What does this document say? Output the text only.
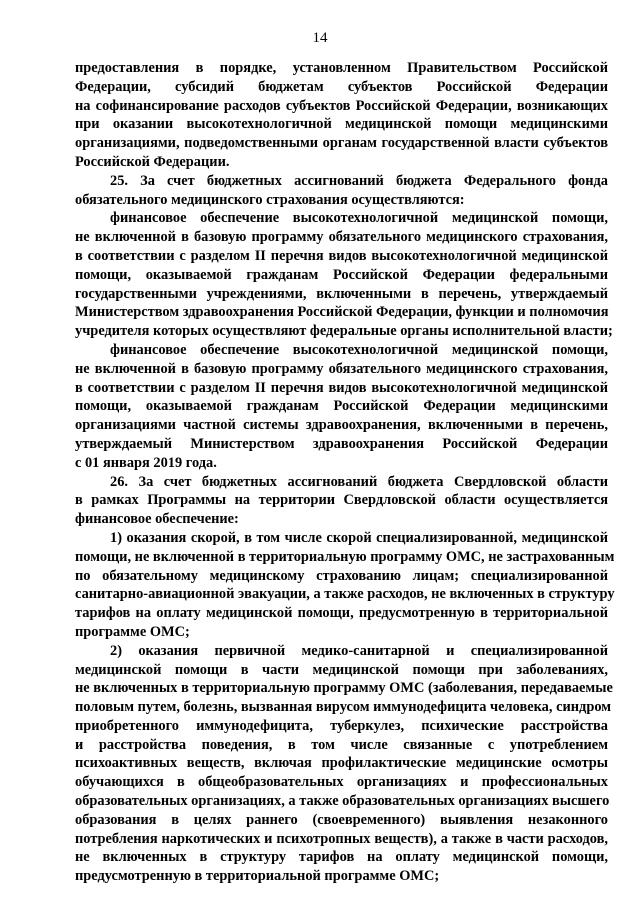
14
предоставления в порядке, установленном Правительством Российской
Федерации, субсидий бюджетам субъектов Российской Федерации
на софинансирование расходов субъектов Российской Федерации, возникающих
при оказании высокотехнологичной медицинской помощи медицинскими
организациями, подведомственными органам государственной власти субъектов
Российской Федерации.
25. За счет бюджетных ассигнований бюджета Федерального фонда
обязательного медицинского страхования осуществляются:
финансовое обеспечение высокотехнологичной медицинской помощи,
не включенной в базовую программу обязательного медицинского страхования,
в соответствии с разделом II перечня видов высокотехнологичной медицинской
помощи, оказываемой гражданам Российской Федерации федеральными
государственными учреждениями, включенными в перечень, утверждаемый
Министерством здравоохранения Российской Федерации, функции и полномочия
учредителя которых осуществляют федеральные органы исполнительной власти;
финансовое обеспечение высокотехнологичной медицинской помощи,
не включенной в базовую программу обязательного медицинского страхования,
в соответствии с разделом II перечня видов высокотехнологичной медицинской
помощи, оказываемой гражданам Российской Федерации медицинскими
организациями частной системы здравоохранения, включенными в перечень,
утверждаемый Министерством здравоохранения Российской Федерации
с 01 января 2019 года.
26. За счет бюджетных ассигнований бюджета Свердловской области
в рамках Программы на территории Свердловской области осуществляется
финансовое обеспечение:
1) оказания скорой, в том числе скорой специализированной, медицинской
помощи, не включенной в территориальную программу ОМС, не застрахованным
по обязательному медицинскому страхованию лицам; специализированной
санитарно-авиационной эвакуации, а также расходов, не включенных в структуру
тарифов на оплату медицинской помощи, предусмотренную в территориальной
программе ОМС;
2) оказания первичной медико-санитарной и специализированной
медицинской помощи в части медицинской помощи при заболеваниях,
не включенных в территориальную программу ОМС (заболевания, передаваемые
половым путем, болезнь, вызванная вирусом иммунодефицита человека, синдром
приобретенного иммунодефицита, туберкулез, психические расстройства
и расстройства поведения, в том числе связанные с употреблением
психоактивных веществ, включая профилактические медицинские осмотры
обучающихся в общеобразовательных организациях и профессиональных
образовательных организациях, а также образовательных организациях высшего
образования в целях раннего (своевременного) выявления незаконного
потребления наркотических и психотропных веществ), а также в части расходов,
не включенных в структуру тарифов на оплату медицинской помощи,
предусмотренную в территориальной программе ОМС;
